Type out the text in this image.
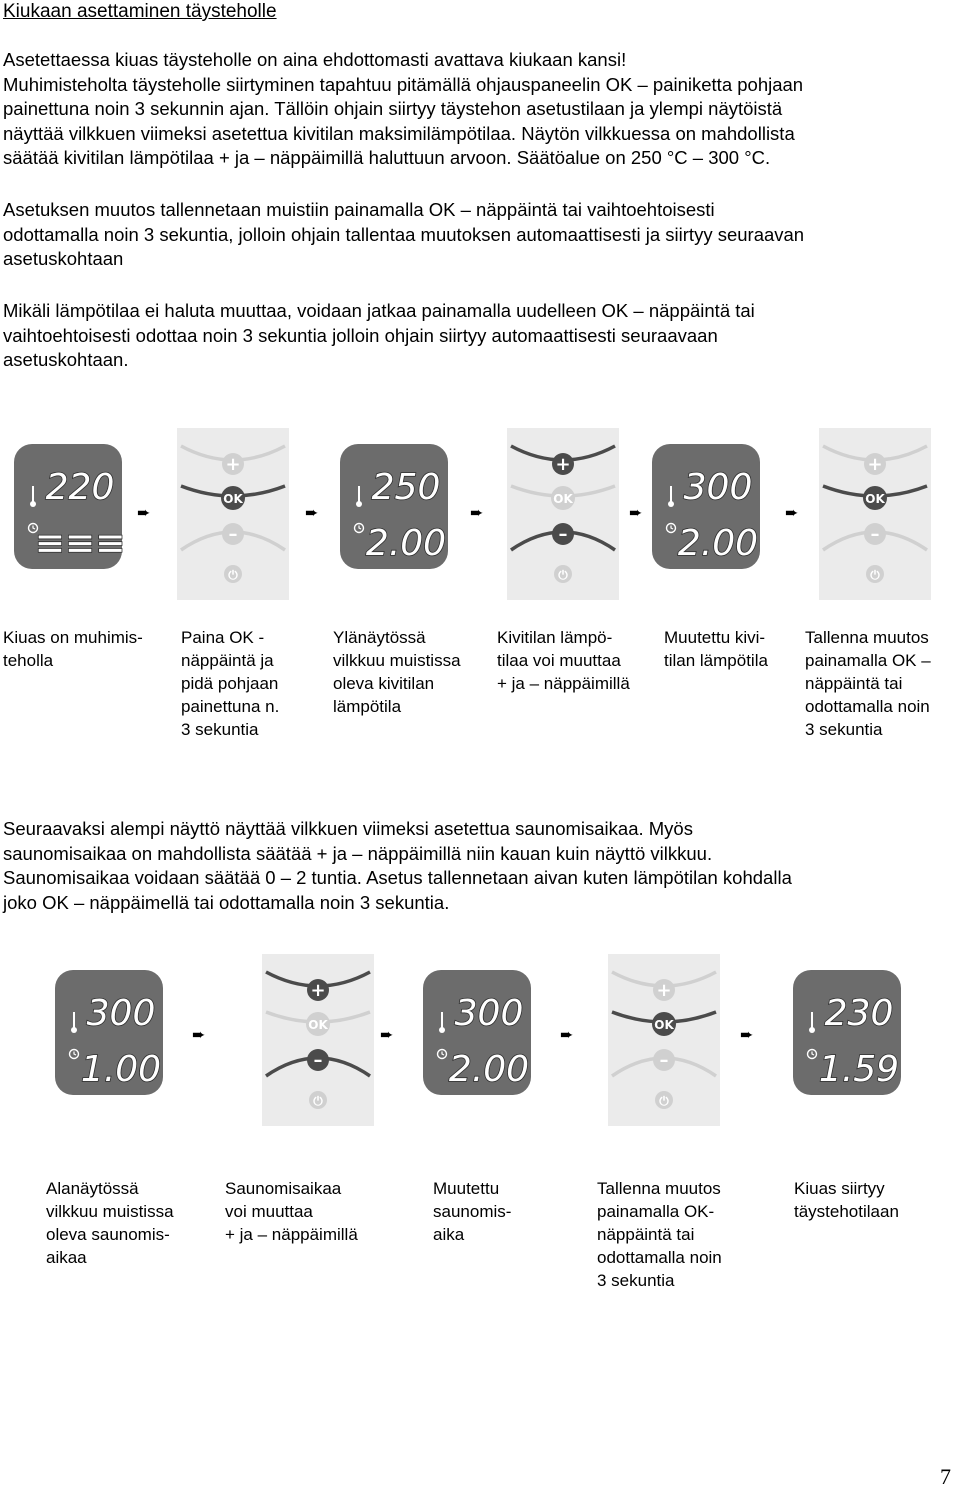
Kiukaan asettaminen täysteholle
Asetettaessa kiuas täysteholle on aina ehdottomasti avattava kiukaan kansi!
Muhimisteholta täysteholle siirtyminen tapahtuu pitämällä ohjauspaneelin OK – painiketta pohjaan
painettuna noin 3 sekunnin ajan. Tällöin ohjain siirtyy täystehon asetustilaan ja ylempi näytöistä
näyttää vilkkuen viimeksi asetettua kivitilan maksimilämpötilaa. Näytön vilkkuessa on mahdollista
säätää kivitilan lämpötilaa + ja – näppäimillä haluttuun arvoon. Säätöalue on 250 °C – 300 °C.
Asetuksen muutos tallennetaan muistiin painamalla OK – näppäintä tai vaihtoehtoisesti
odottamalla noin 3 sekuntia, jolloin ohjain tallentaa muutoksen automaattisesti ja siirtyy seuraavan
asetuskohtaan
Mikäli lämpötilaa ei haluta muuttaa, voidaan jatkaa painamalla uudelleen OK – näppäintä tai
vaihtoehtoisesti odottaa noin 3 sekuntia jolloin ohjain siirtyy automaattisesti seuraavaan
asetuskohtaan.
220
≡≡≡
+
OK
–
⏻
250
2.00
+
OK
–
⏻
300
2.00
+
OK
–
⏻
➨	➨	➨	➨	➨
Kiuas on muhimis-
teholla
Paina OK -
näppäintä ja
pidä pohjaan
painettuna n.
3 sekuntia
Ylänäytössä
vilkkuu muistissa
oleva kivitilan
lämpötila
Kivitilan lämpö-
tilaa voi muuttaa
+ ja – näppäimillä
Muutettu kivi-
tilan lämpötila
Tallenna muutos
painamalla OK –
näppäintä tai
odottamalla noin
3 sekuntia
Seuraavaksi alempi näyttö näyttää vilkkuen viimeksi asetettua saunomisaikaa. Myös
saunomisaikaa on mahdollista säätää + ja – näppäimillä niin kauan kuin näyttö vilkkuu.
Saunomisaikaa voidaan säätää 0 – 2 tuntia. Asetus tallennetaan aivan kuten lämpötilan kohdalla
joko OK – näppäimellä tai odottamalla noin 3 sekuntia.
300
1.00
+
OK
–
⏻
300
2.00
+
OK
–
⏻
230
1.59
➨	➨	➨	➨
Alanäytössä
vilkkuu muistissa
oleva saunomis-
aikaa
Saunomisaikaa
voi muuttaa
+ ja – näppäimillä
Muutettu
saunomis-
aika
Tallenna muutos
painamalla OK-
näppäintä tai
odottamalla noin
3 sekuntia
Kiuas siirtyy
täystehotilaan
7
